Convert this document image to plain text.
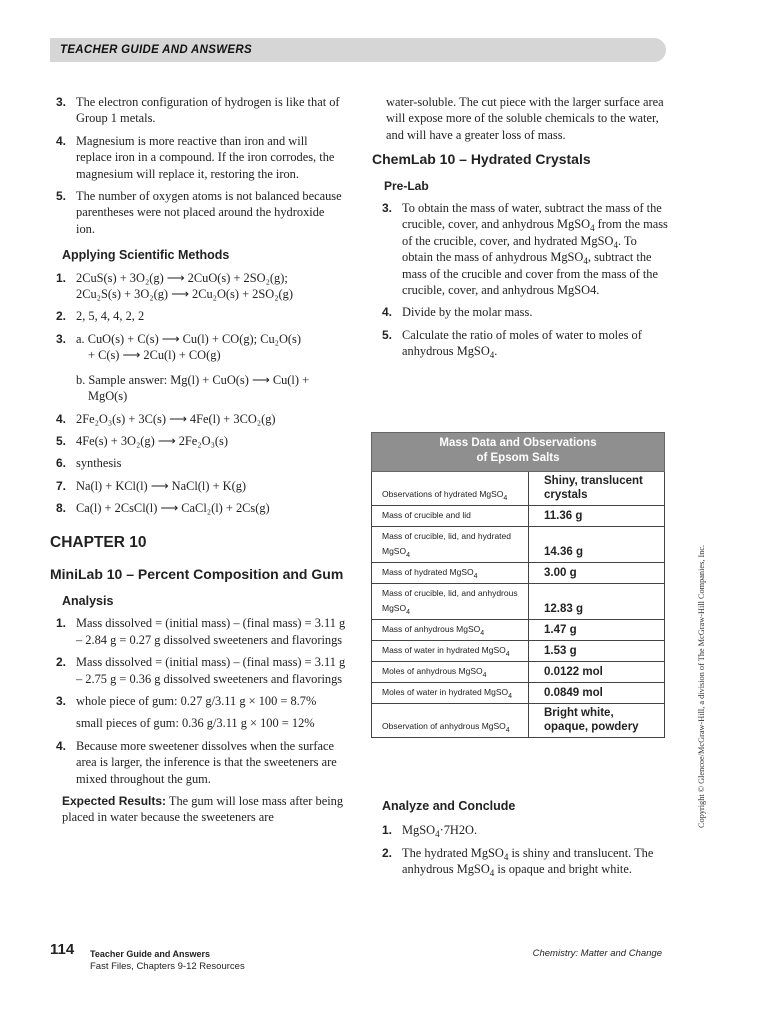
TEACHER GUIDE AND ANSWERS
3. The electron configuration of hydrogen is like that of Group 1 metals.
4. Magnesium is more reactive than iron and will replace iron in a compound. If the iron corrodes, the magnesium will replace it, restoring the iron.
5. The number of oxygen atoms is not balanced because parentheses were not placed around the hydroxide ion.
Applying Scientific Methods
1. 2CuS(s) + 3O₂(g) ⟶ 2CuO(s) + 2SO₂(g);
2Cu₂S(s) + 3O₂(g) ⟶ 2Cu₂O(s) + 2SO₂(g)
2. 2, 5, 4, 4, 2, 2
3. a. CuO(s) + C(s) ⟶ Cu(l) + CO(g); Cu₂O(s)
+ C(s) ⟶ 2Cu(l) + CO(g)
b. Sample answer: Mg(l) + CuO(s) ⟶ Cu(l) +
MgO(s)
4. 2Fe₂O₃(s) + 3C(s) ⟶ 4Fe(l) + 3CO₂(g)
5. 4Fe(s) + 3O₂(g) ⟶ 2Fe₂O₃(s)
6. synthesis
7. Na(l) + KCl(l) ⟶ NaCl(l) + K(g)
8. Ca(l) + 2CsCl(l) ⟶ CaCl₂(l) + 2Cs(g)
CHAPTER 10
MiniLab 10 – Percent Composition and Gum
Analysis
1. Mass dissolved = (initial mass) – (final mass) = 3.11 g – 2.84 g = 0.27 g dissolved sweeteners and flavorings
2. Mass dissolved = (initial mass) – (final mass) = 3.11 g – 2.75 g = 0.36 g dissolved sweeteners and flavorings
3. whole piece of gum: 0.27 g/3.11 g × 100 = 8.7%
small pieces of gum: 0.36 g/3.11 g × 100 = 12%
4. Because more sweetener dissolves when the surface area is larger, the inference is that the sweeteners are mixed throughout the gum.
Expected Results: The gum will lose mass after being placed in water because the sweeteners are
water-soluble. The cut piece with the larger surface area will expose more of the soluble chemicals to the water, and will have a greater loss of mass.
ChemLab 10 – Hydrated Crystals
Pre-Lab
3. To obtain the mass of water, subtract the mass of the crucible, cover, and anhydrous MgSO$_4$ from the mass of the crucible, cover, and hydrated MgSO$_4$. To obtain the mass of anhydrous MgSO$_4$, subtract the mass of the crucible and cover from the mass of the crucible, cover, and anhydrous MgSO4.
4. Divide by the molar mass.
5. Calculate the ratio of moles of water to moles of anhydrous MgSO$_4$.
Mass Data and Observations
of Epsom Salts	

Observations of hydrated MgSO$_4$	Shiny, translucent crystals
Mass of crucible and lid	11.36 g
Mass of crucible, lid, and hydrated MgSO$_4$	14.36 g
Mass of hydrated MgSO$_4$	3.00 g
Mass of crucible, lid, and anhydrous MgSO$_4$	12.83 g
Mass of anhydrous MgSO$_4$	1.47 g
Mass of water in hydrated MgSO$_4$	1.53 g
Moles of anhydrous MgSO$_4$	0.0122 mol
Moles of water in hydrated MgSO$_4$	0.0849 mol
Observation of anhydrous MgSO$_4$	Bright white, opaque, powdery
Analyze and Conclude
1. MgSO$_4$·7H2O.
2. The hydrated MgSO$_4$ is shiny and translucent. The anhydrous MgSO$_4$ is opaque and bright white.
114 Teacher Guide and Answers
Fast Files, Chapters 9-12 Resources
Chemistry: Matter and Change
Copyright © Glencoe/McGraw-Hill, a division of The McGraw-Hill Companies, Inc.
